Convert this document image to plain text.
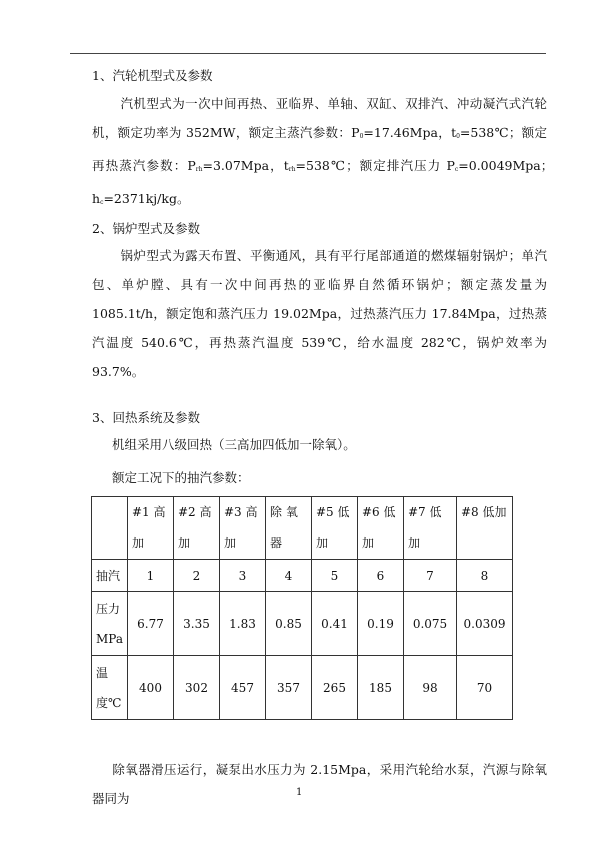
1、汽轮机型式及参数
汽机型式为一次中间再热、亚临界、单轴、双缸、双排汽、冲动凝汽式汽轮机，额定功率为 352MW，额定主蒸汽参数：$P_0=17.46Mpa$，$t_0=538℃$；额定再热蒸汽参数：$P_{rh}=3.07Mpa$，$t_{rh}=538℃$；额定排汽压力 $P_c=0.0049Mpa$；　$h_c=2371kj/kg$。
2、锅炉型式及参数
锅炉型式为露天布置、平衡通风，具有平行尾部通道的燃煤辐射锅炉；单汽包、单炉膛、具有一次中间再热的亚临界自然循环锅炉；额定蒸发量为 1085.1t/h，额定饱和蒸汽压力 19.02Mpa，过热蒸汽压力 17.84Mpa，过热蒸汽温度 540.6℃，再热蒸汽温度 539℃，给水温度 282℃，锅炉效率为 93.7%。
3、回热系统及参数
机组采用八级回热（三高加四低加一除氧）。
额定工况下的抽汽参数：
	#1 高加	#2 高加	#3 高加	除 氧器	#5 低加	#6 低加	#7 低加	#8 低加
抽汽	1	2	3	4	5	6	7	8
压力MPa	6.77	3.35	1.83	0.85	0.41	0.19	0.075	0.0309
温度℃	400	302	457	357	265	185	98	70
除氧器滑压运行，凝泵出水压力为 2.15Mpa，采用汽轮给水泵，汽源与除氧器同为	1
